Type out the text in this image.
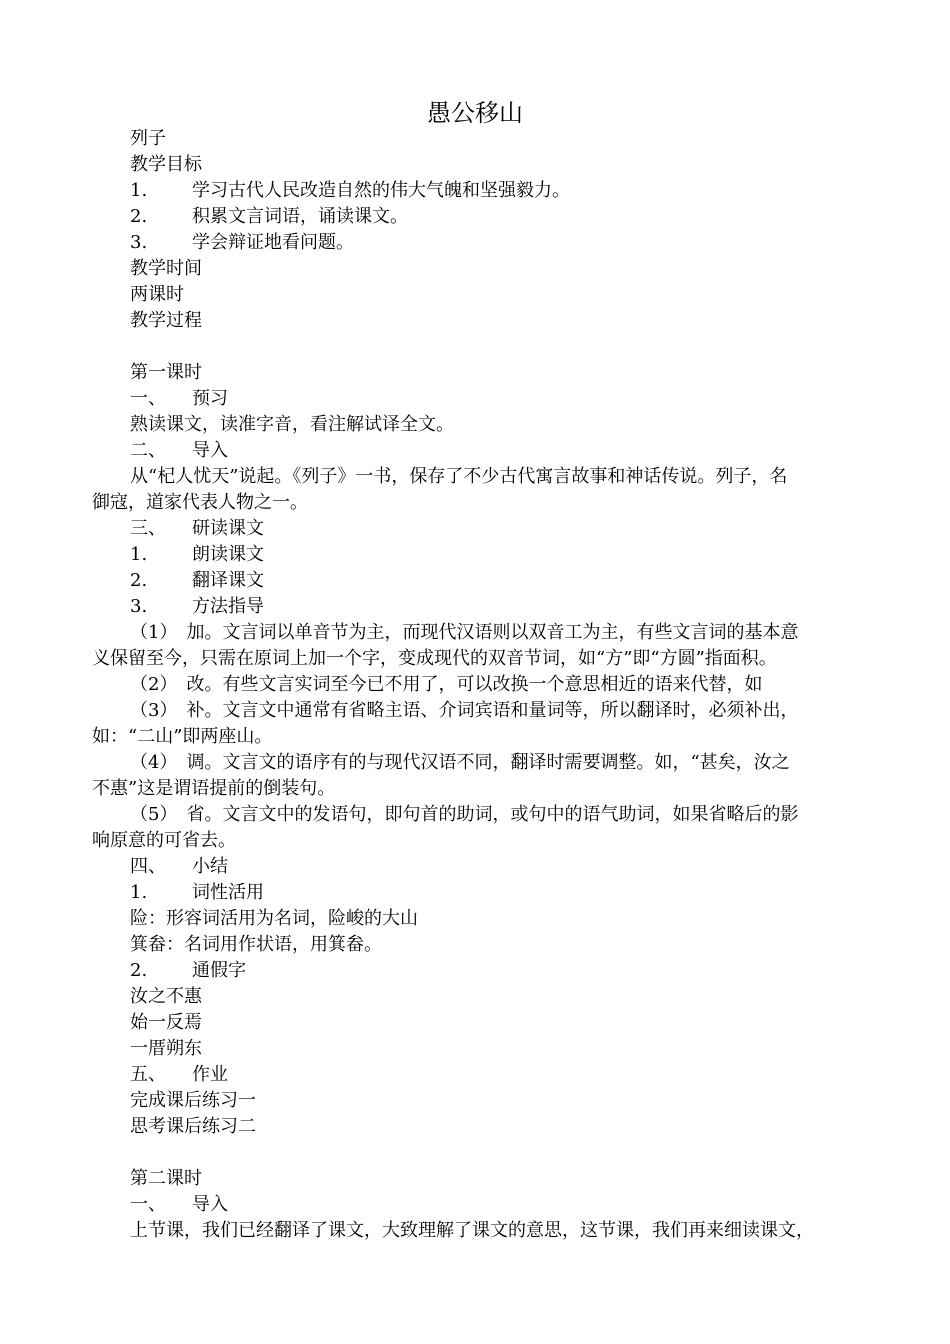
愚公移山
列子
教学目标
1. 学习古代人民改造自然的伟大气魄和坚强毅力。
2. 积累文言词语，诵读课文。
3. 学会辩证地看问题。
教学时间
两课时
教学过程
第一课时
一、 预习
熟读课文，读准字音，看注解试译全文。
二、 导入
从“杞人忧天”说起。《列子》一书，保存了不少古代寓言故事和神话传说。列子，名
御寇，道家代表人物之一。
三、 研读课文
1. 朗读课文
2. 翻译课文
3. 方法指导
（1）　加。文言词以单音节为主，而现代汉语则以双音工为主，有些文言词的基本意
义保留至今，只需在原词上加一个字，变成现代的双音节词，如“方”即“方圆”指面积。
（2）　改。有些文言实词至今已不用了，可以改换一个意思相近的语来代替，如
（3）　补。文言文中通常有省略主语、介词宾语和量词等，所以翻译时，必须补出，
如：“二山”即两座山。
（4）　调。文言文的语序有的与现代汉语不同，翻译时需要调整。如，“甚矣，汝之
不惠”这是谓语提前的倒装句。
（5）　省。文言文中的发语句，即句首的助词，或句中的语气助词，如果省略后的影
响原意的可省去。
四、 小结
1. 词性活用
险：形容词活用为名词，险峻的大山
箕畚：名词用作状语，用箕畚。
2. 通假字
汝之不惠
始一反焉
一厝朔东
五、 作业
完成课后练习一
思考课后练习二
第二课时
一、 导入
上节课，我们已经翻译了课文，大致理解了课文的意思，这节课，我们再来细读课文，
